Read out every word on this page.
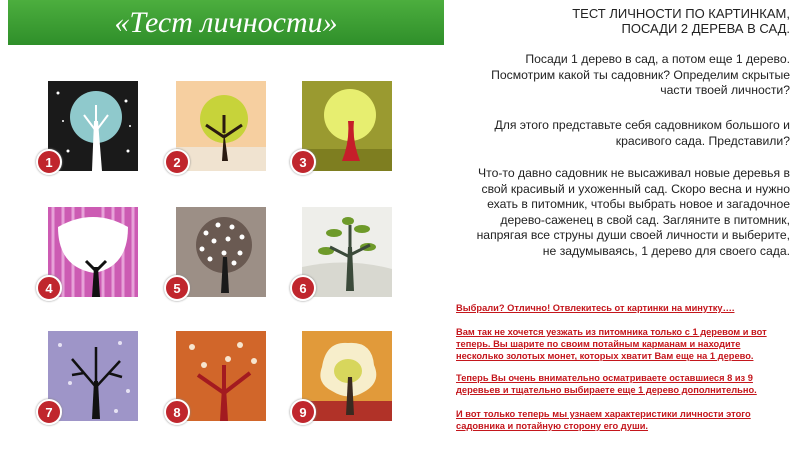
«Тест личности»
1	2	3
4	5	6
7	8	9
ТЕСТ ЛИЧНОСТИ ПО КАРТИНКАМ,
ПОСАДИ 2 ДЕРЕВА В САД.

Посади 1 дерево в сад, а потом еще 1 дерево. Посмотрим какой ты садовник? Определим скрытые части твоей личности?

Для этого представьте себя садовником большого и красивого сада. Представили?

Что-то давно садовник не высаживал новые деревья в свой красивый и ухоженный сад. Скоро весна и нужно ехать в питомник, чтобы выбрать новое и загадочное дерево-саженец в свой сад. Загляните в питомник, напрягая все струны души своей личности и выберите, не задумываясь, 1 дерево для своего сада.

Выбрали? Отлично! Отвлекитесь от картинки на минутку….

Вам так не хочется уезжать из питомника только с 1 деревом и вот теперь. Вы шарите по своим потайным карманам и находите несколько золотых монет, которых хватит Вам еще на 1 дерево.

Теперь Вы очень внимательно осматриваете оставшиеся 8 из 9 деревьев и тщательно выбираете еще 1 дерево дополнительно.

И вот только теперь мы узнаем характеристики личности этого садовника и потайную сторону его души.
